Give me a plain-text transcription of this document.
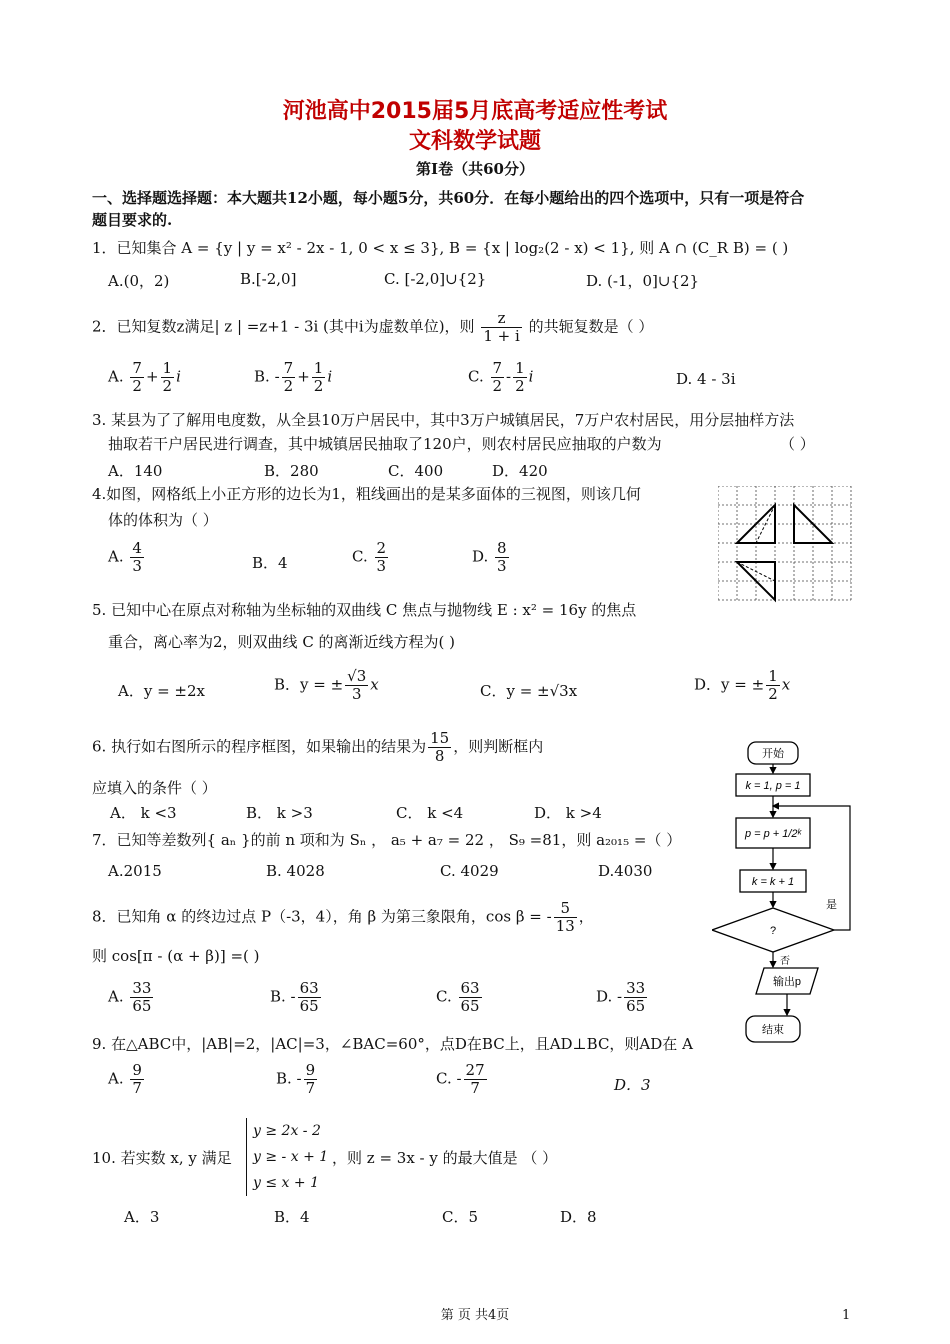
河池高中2015届5月底高考适应性考试
文科数学试题
第Ⅰ卷（共60分）
一、选择题选择题：本大题共12小题，每小题5分，共60分．在每小题给出的四个选项中，只有一项是符合
题目要求的.
1．已知集合 A = {y | y = x² - 2x - 1, 0 < x ≤ 3}, B = {x | log₂(2 - x) < 1}, 则 A ∩ (C_R B) = ( )
A.(0，2)	B.[-2,0]	C. [-2,0]∪{2}	D. (-1，0]∪{2}
2．已知复数z满足| z | =z+1 - 3i (其中i为虚数单位)，则 $\frac{z}{1 + i}$ 的共轭复数是（ ）
A. $\frac{7}{2} + \frac{1}{2}$ i	B. - $\frac{7}{2} + \frac{1}{2}$ i	C. $\frac{7}{2} - \frac{1}{2}$ i	D. 4 - 3i
3. 某县为了了解用电度数，从全县10万户居民中，其中3万户城镇居民，7万户农村居民，用分层抽样方法
抽取若干户居民进行调查，其中城镇居民抽取了120户，则农村居民应抽取的户数为	（ ）
A．140	B．280	C．400	D．420
4.如图，网格纸上小正方形的边长为1，粗线画出的是某多面体的三视图，则该几何
体的体积为（ ）
A. $\frac{4}{3}$	B．4	C. $\frac{2}{3}$	D. $\frac{8}{3}$
5. 已知中心在原点对称轴为坐标轴的双曲线 C 焦点与抛物线 E : x² = 16y 的焦点
重合，离心率为2，则双曲线 C 的离渐近线方程为( )
A．y = ±2x	B．y = ± $\frac{√3}{3}$ x	C．y = ±√3x	D．y = ± $\frac{1}{2}$ x
6. 执行如右图所示的程序框图，如果输出的结果为 $\frac{15}{8}$ ，则判断框内
应填入的条件（ ）
A． k <3	B． k >3	C． k <4	D． k >4
7．已知等差数列{ aₙ }的前 n 项和为 Sₙ ， a₅ + a₇ = 22 ， S₉ =81，则 a₂₀₁₅ =（ ）
A.2015	B. 4028	C. 4029	D.4030
8．已知角 α 的终边过点 P（-3，4），角 β 为第三象限角，cos β = - $\frac{5}{13}$ ，
则 cos[π - (α + β)] =( )
A. $\frac{33}{65}$	B. - $\frac{63}{65}$	C. $\frac{63}{65}$	D. - $\frac{33}{65}$
9. 在△ABC中，|AB|=2，|AC|=3，∠BAC=60°，点D在BC上，且AD⊥BC，则AD在 A
A. $\frac{9}{7}$	B. - $\frac{9}{7}$	C. - $\frac{27}{7}$	D．3
10. 若实数 x, y 满足
y ≥ 2x - 2
y ≥ - x + 1
y ≤ x + 1
，则 z = 3x - y 的最大值是 （ ）
A．3	B．4	C．5	D．8
开始
k = 1, p = 1
p = p + 1/2ᵏ
k = k + 1
?
是
否
输出p
结束
第 页 共4页	1
